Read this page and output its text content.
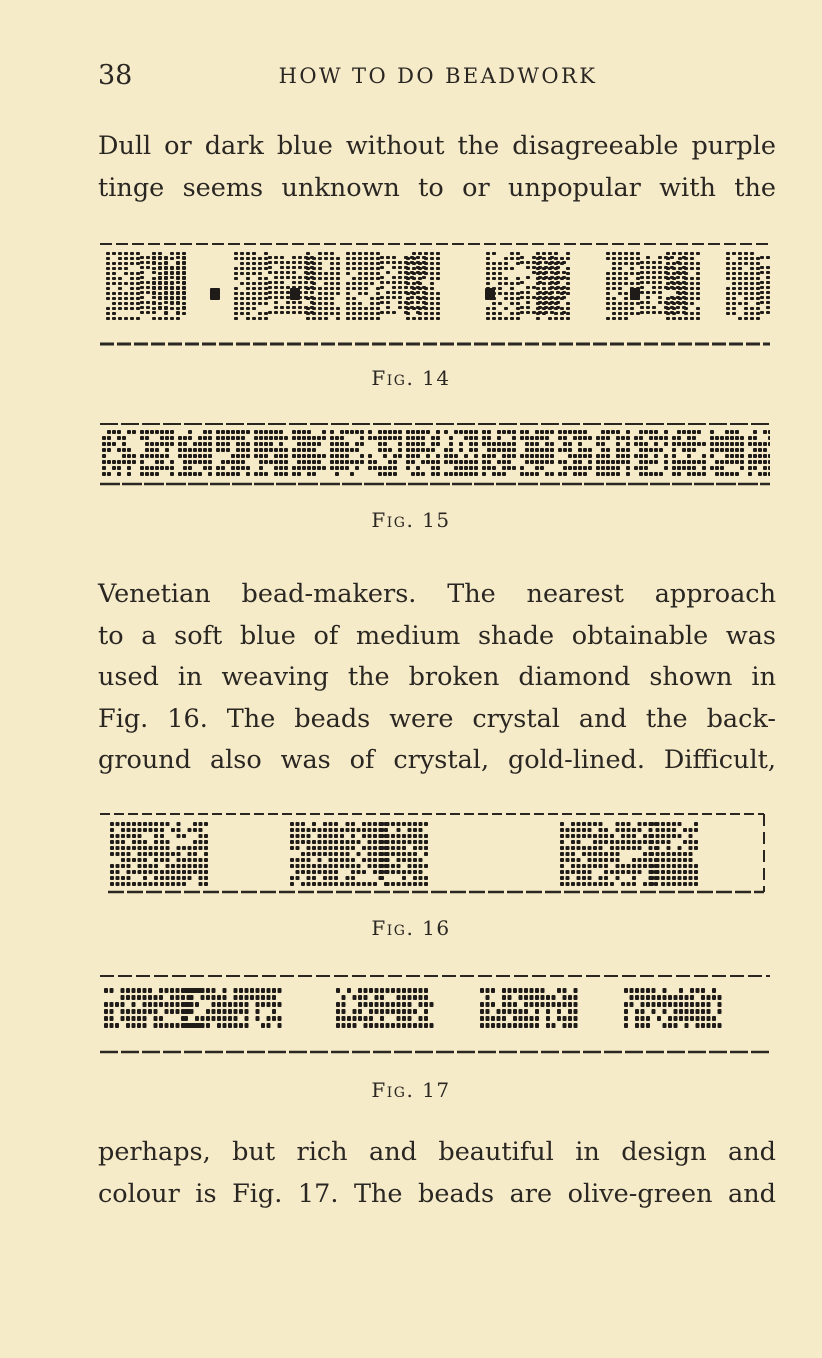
38	HOW TO DO BEADWORK

Dull or dark blue without the disagreeable purple
tinge seems unknown to or unpopular with the

Fig. 14
Fig. 15

Venetian bead-makers. The nearest approach
to a soft blue of medium shade obtainable was
used in weaving the broken diamond shown in
Fig. 16. The beads were crystal and the back-
ground also was of crystal, gold-lined. Difficult,

Fig. 16
Fig. 17

perhaps, but rich and beautiful in design and
colour is Fig. 17. The beads are olive-green and
